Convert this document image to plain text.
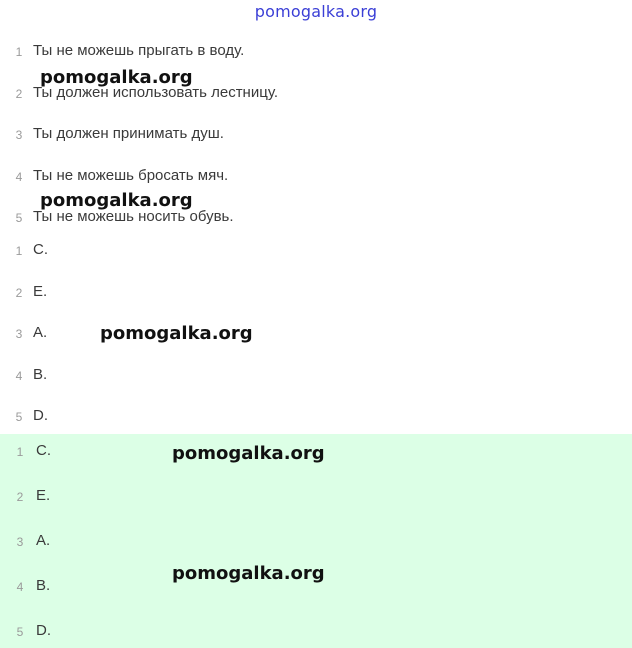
pomogalka.org
1 Ты не можешь прыгать в воду.
2 Ты должен использовать лестницу.
3 Ты должен принимать душ.
4 Ты не можешь бросать мяч.
5 Ты не можешь носить обувь.
1 C.
2 E.
3 A.
4 B.
5 D.
1 C.
2 E.
3 A.
4 B.
5 D.
pomogalka.org
pomogalka.org
pomogalka.org
pomogalka.org
pomogalka.org
